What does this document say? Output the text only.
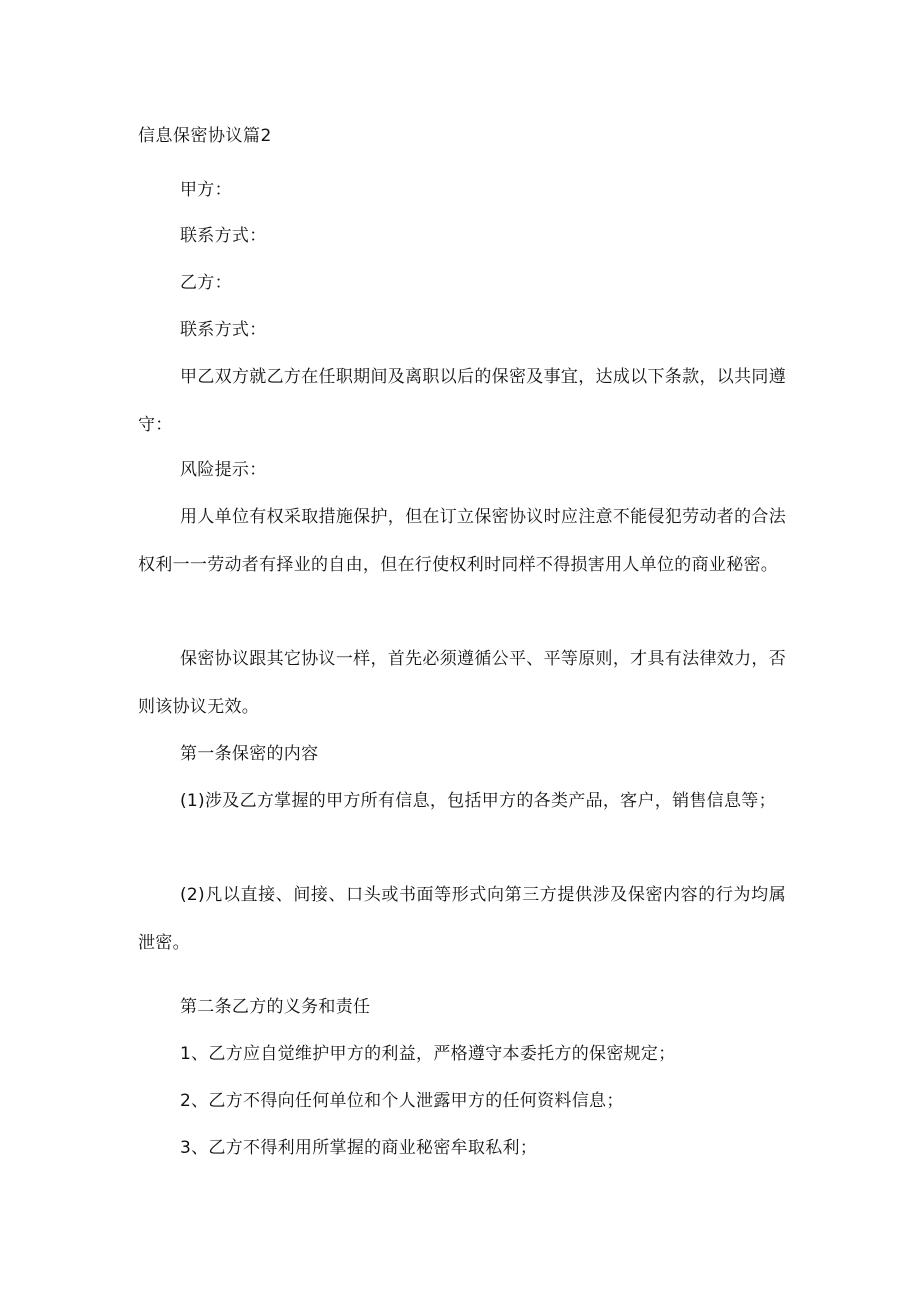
信息保密协议篇2
甲方：
联系方式：
乙方：
联系方式：
甲乙双方就乙方在任职期间及离职以后的保密及事宜，达成以下条款，以共同遵守：
风险提示：
用人单位有权采取措施保护，但在订立保密协议时应注意不能侵犯劳动者的合法权利一一劳动者有择业的自由，但在行使权利时同样不得损害用人单位的商业秘密。
保密协议跟其它协议一样，首先必须遵循公平、平等原则，才具有法律效力，否则该协议无效。
第一条保密的内容
(1)涉及乙方掌握的甲方所有信息，包括甲方的各类产品，客户，销售信息等；
(2)凡以直接、间接、口头或书面等形式向第三方提供涉及保密内容的行为均属泄密。
第二条乙方的义务和责任
1、乙方应自觉维护甲方的利益，严格遵守本委托方的保密规定；
2、乙方不得向任何单位和个人泄露甲方的任何资料信息；
3、乙方不得利用所掌握的商业秘密牟取私利；
